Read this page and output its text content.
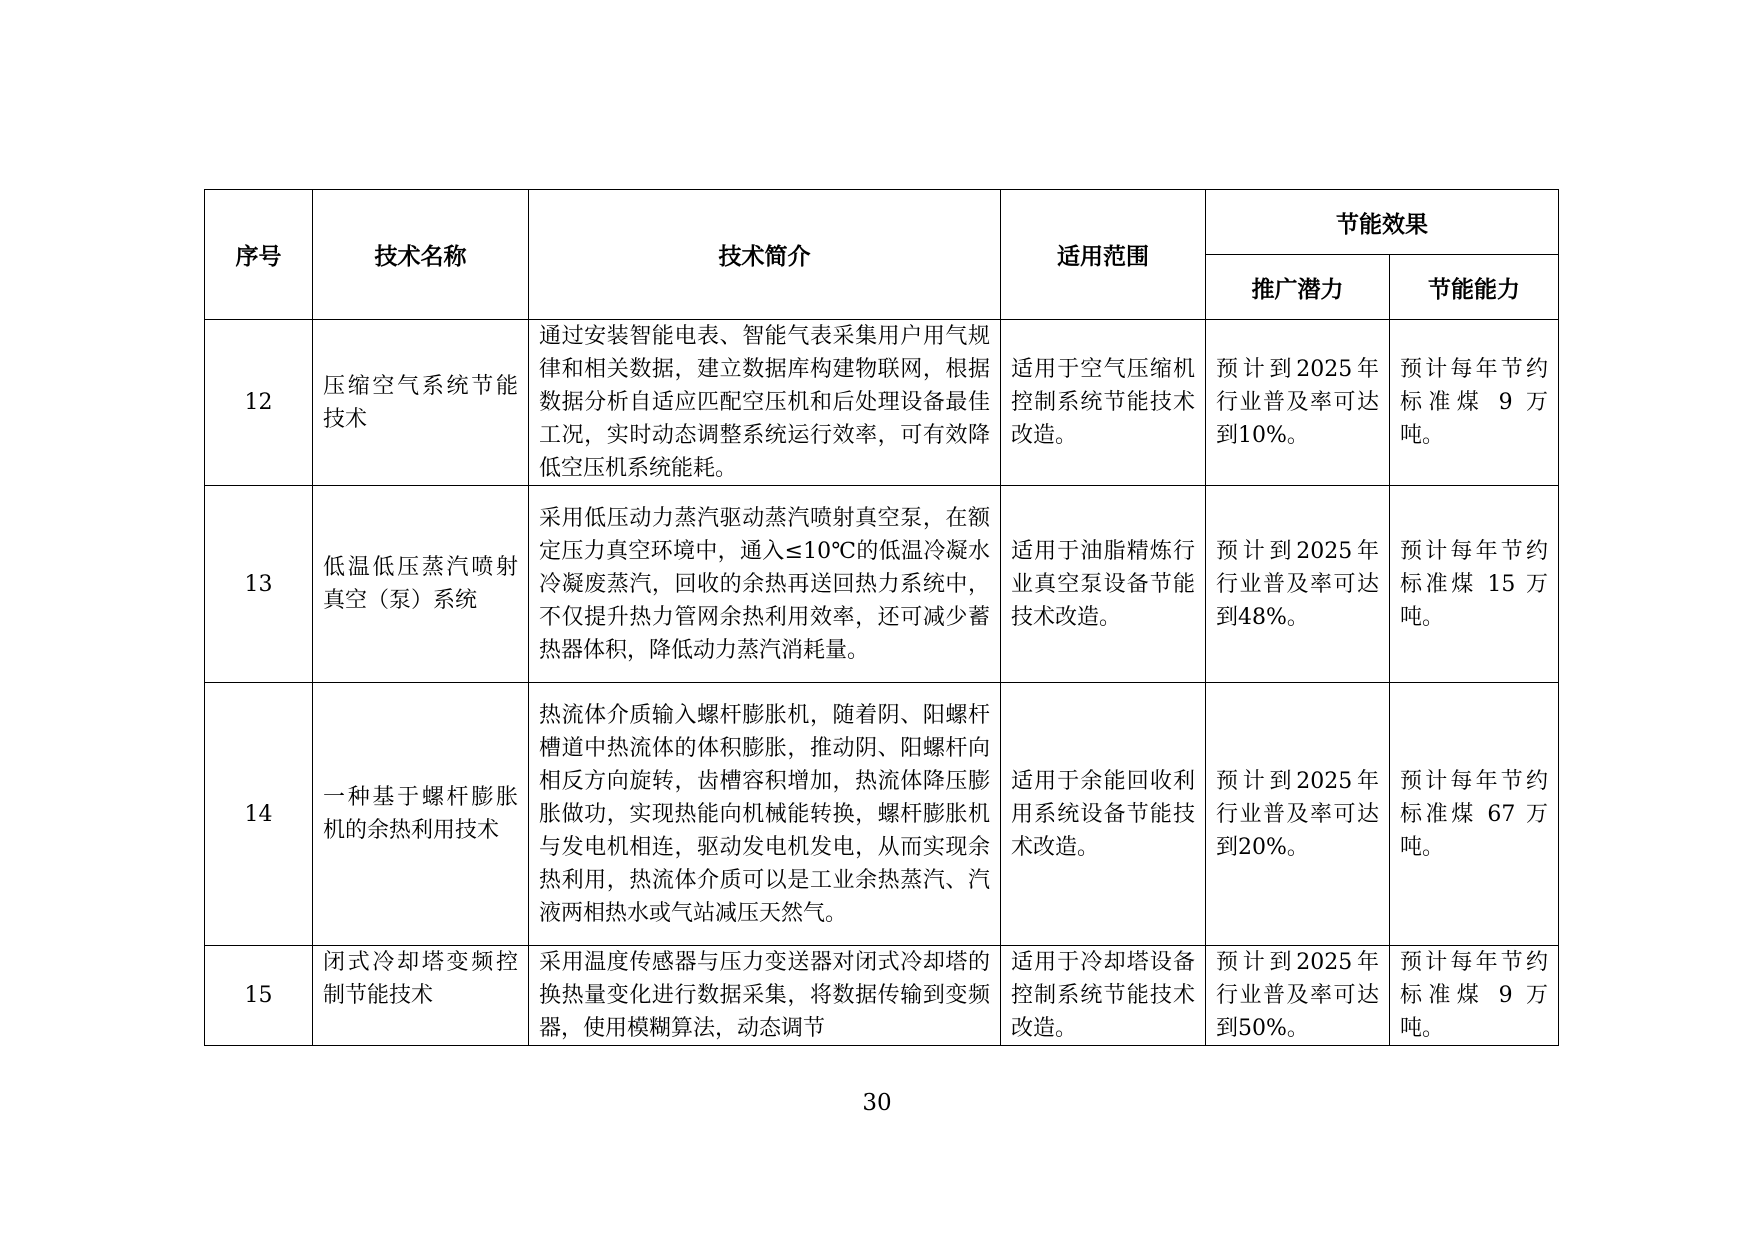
序号	技术名称	技术简介	适用范围	节能效果	
				推广潜力	节能能力
12	压缩空气系统节能技术	通过安装智能电表、智能气表采集用户用气规律和相关数据，建立数据库构建物联网，根据数据分析自适应匹配空压机和后处理设备最佳工况，实时动态调整系统运行效率，可有效降低空压机系统能耗。	适用于空气压缩机控制系统节能技术改造。	预计到2025年行业普及率可达到10%。	预计每年节约标准煤 9 万吨。
13	低温低压蒸汽喷射真空（泵）系统	采用低压动力蒸汽驱动蒸汽喷射真空泵，在额定压力真空环境中，通入≤10℃的低温冷凝水冷凝废蒸汽，回收的余热再送回热力系统中，不仅提升热力管网余热利用效率，还可减少蓄热器体积，降低动力蒸汽消耗量。	适用于油脂精炼行业真空泵设备节能技术改造。	预计到2025年行业普及率可达到48%。	预计每年节约标准煤 15 万吨。
14	一种基于螺杆膨胀机的余热利用技术	热流体介质输入螺杆膨胀机，随着阴、阳螺杆槽道中热流体的体积膨胀，推动阴、阳螺杆向相反方向旋转，齿槽容积增加，热流体降压膨胀做功，实现热能向机械能转换，螺杆膨胀机与发电机相连，驱动发电机发电，从而实现余热利用，热流体介质可以是工业余热蒸汽、汽液两相热水或气站减压天然气。	适用于余能回收利用系统设备节能技术改造。	预计到2025年行业普及率可达到20%。	预计每年节约标准煤 67 万吨。
15	闭式冷却塔变频控制节能技术	采用温度传感器与压力变送器对闭式冷却塔的换热量变化进行数据采集，将数据传输到变频器，使用模糊算法，动态调节	适用于冷却塔设备控制系统节能技术改造。	预计到2025年行业普及率可达到50%。	预计每年节约标准煤 9 万吨。
30
